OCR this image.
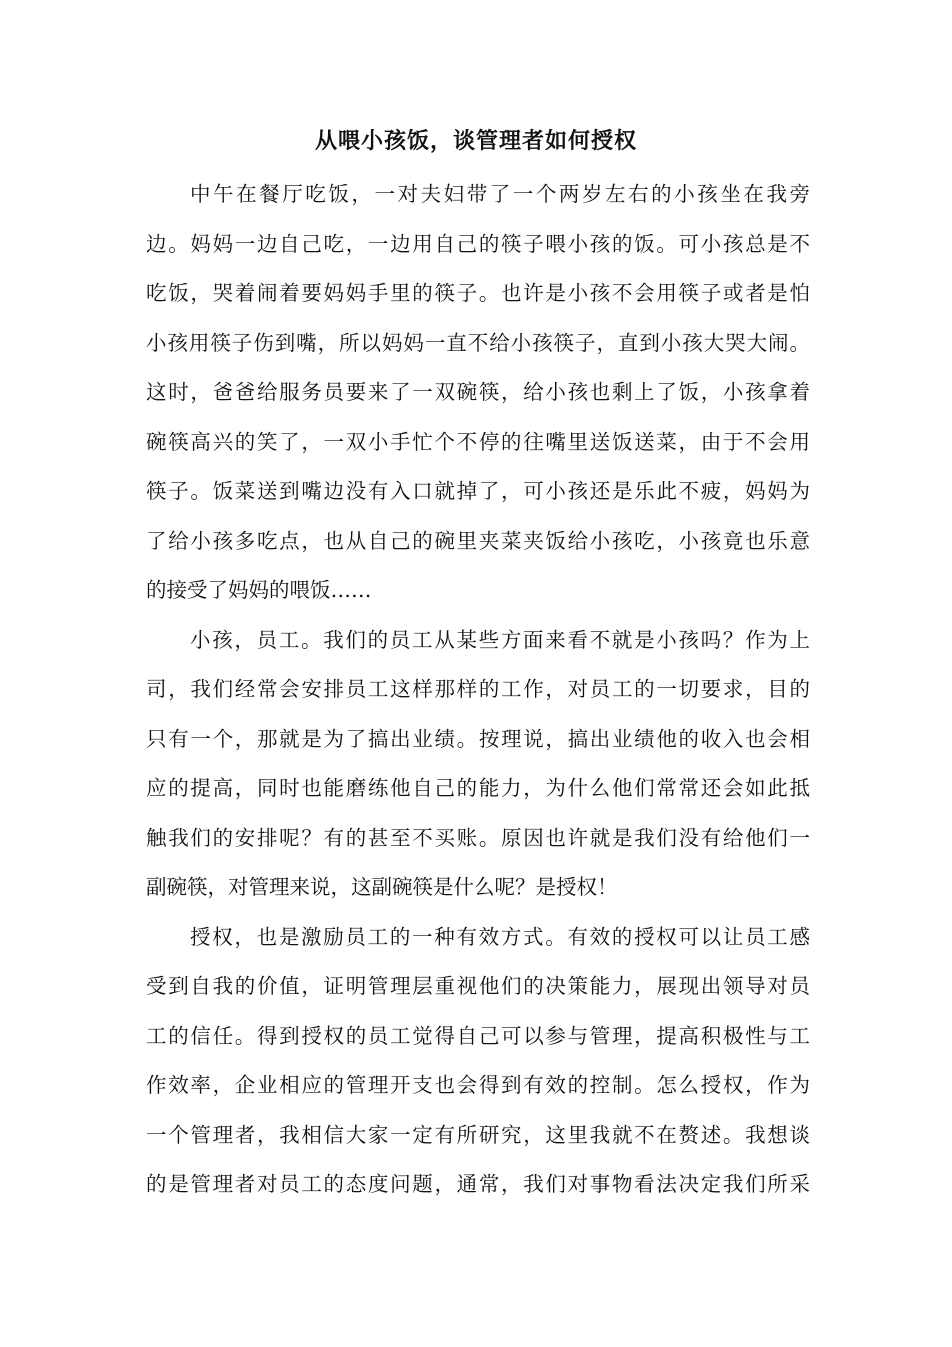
从喂小孩饭，谈管理者如何授权
中午在餐厅吃饭，一对夫妇带了一个两岁左右的小孩坐在我旁
边。妈妈一边自己吃，一边用自己的筷子喂小孩的饭。可小孩总是不
吃饭，哭着闹着要妈妈手里的筷子。也许是小孩不会用筷子或者是怕
小孩用筷子伤到嘴，所以妈妈一直不给小孩筷子，直到小孩大哭大闹。
这时，爸爸给服务员要来了一双碗筷，给小孩也剩上了饭，小孩拿着
碗筷高兴的笑了，一双小手忙个不停的往嘴里送饭送菜，由于不会用
筷子。饭菜送到嘴边没有入口就掉了，可小孩还是乐此不疲，妈妈为
了给小孩多吃点，也从自己的碗里夹菜夹饭给小孩吃，小孩竟也乐意
的接受了妈妈的喂饭……
小孩，员工。我们的员工从某些方面来看不就是小孩吗？作为上
司，我们经常会安排员工这样那样的工作，对员工的一切要求，目的
只有一个，那就是为了搞出业绩。按理说，搞出业绩他的收入也会相
应的提高，同时也能磨练他自己的能力，为什么他们常常还会如此抵
触我们的安排呢？有的甚至不买账。原因也许就是我们没有给他们一
副碗筷，对管理来说，这副碗筷是什么呢？是授权！
授权，也是激励员工的一种有效方式。有效的授权可以让员工感
受到自我的价值，证明管理层重视他们的决策能力，展现出领导对员
工的信任。得到授权的员工觉得自己可以参与管理，提高积极性与工
作效率，企业相应的管理开支也会得到有效的控制。怎么授权，作为
一个管理者，我相信大家一定有所研究，这里我就不在赘述。我想谈
的是管理者对员工的态度问题，通常，我们对事物看法决定我们所采
